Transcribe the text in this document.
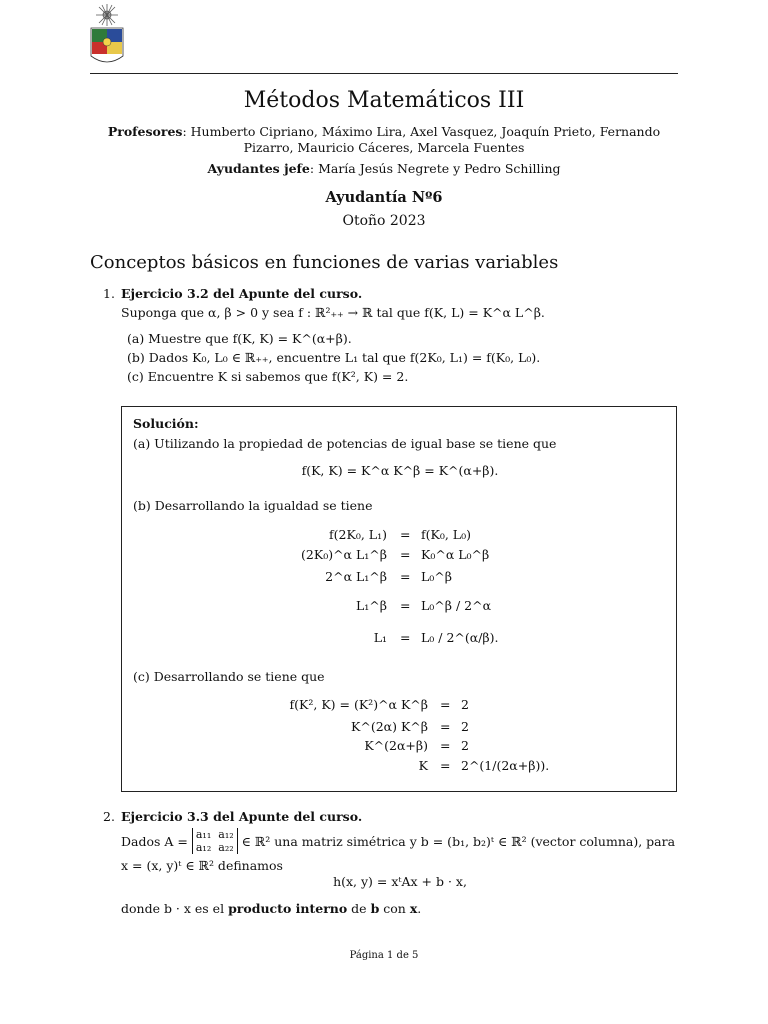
Métodos Matemáticos III
Profesores: Humberto Cipriano, Máximo Lira, Axel Vasquez, Joaquín Prieto, Fernando Pizarro, Mauricio Cáceres, Marcela Fuentes
Ayudantes jefe: María Jesús Negrete y Pedro Schilling
Ayudantía Nº6
Otoño 2023
Conceptos básicos en funciones de varias variables
1. Ejercicio 3.2 del Apunte del curso.
Suponga que α, β > 0 y sea f : ℝ²₊₊ → ℝ tal que f(K, L) = K^α L^β.
(a) Muestre que f(K, K) = K^(α+β).
(b) Dados K₀, L₀ ∈ ℝ₊₊, encuentre L₁ tal que f(2K₀, L₁) = f(K₀, L₀).
(c) Encuentre K si sabemos que f(K², K) = 2.
Solución:
(a) Utilizando la propiedad de potencias de igual base se tiene que
f(K, K) = K^α K^β = K^(α+β).
(b) Desarrollando la igualdad se tiene
f(2K₀, L₁) = f(K₀, L₀)
(2K₀)^α L₁^β = K₀^α L₀^β
2^α L₁^β = L₀^β
L₁^β = L₀^β / 2^α
L₁ = L₀ / 2^(α/β).
(c) Desarrollando se tiene que
f(K², K) = (K²)^α K^β = 2
K^(2α) K^β = 2
K^(2α+β) = 2
K = 2^(1/(2α+β)).
2. Ejercicio 3.3 del Apunte del curso.
Dados A = a₁₁ a₁₂
a₁₂ a₂₂ ∈ ℝ² una matriz simétrica y b = (b₁, b₂)ᵗ ∈ ℝ² (vector columna), para
x = (x, y)ᵗ ∈ ℝ² definamos
h(x, y) = xᵗAx + b · x,
donde b · x es el producto interno de b con x.
Página 1 de 5
